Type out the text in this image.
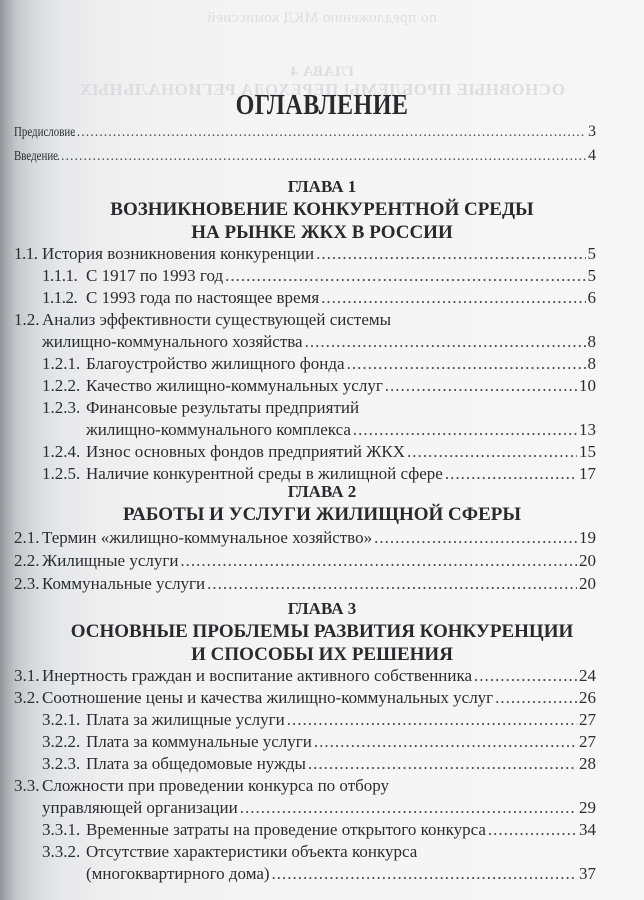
по предложению МКД комиссией
ГЛАВА 4
ОСНОВНЫЕ ПРОБЛЕМЫ ПЕРЕХОДА РЕГИОНАЛЬНЫХ
ОГЛАВЛЕНИЕ
Предисловие .....	3
Введение .....	4
ГЛАВА 1
ВОЗНИКНОВЕНИЕ КОНКУРЕНТНОЙ СРЕДЫ
НА РЫНКЕ ЖКХ В РОССИИ
1.1. История возникновения конкуренции .....	5
1.1.1. С 1917 по 1993 год .....	5
1.1.2. С 1993 года по настоящее время .....	6
1.2. Анализ эффективности существующей системы
жилищно-коммунального хозяйства .....	8
1.2.1. Благоустройство жилищного фонда .....	8
1.2.2. Качество жилищно-коммунальных услуг .....	10
1.2.3. Финансовые результаты предприятий
жилищно-коммунального комплекса .....	13
1.2.4. Износ основных фондов предприятий ЖКХ .....	15
1.2.5. Наличие конкурентной среды в жилищной сфере .....	17
ГЛАВА 2
РАБОТЫ И УСЛУГИ ЖИЛИЩНОЙ СФЕРЫ
2.1. Термин «жилищно-коммунальное хозяйство» .....	19
2.2. Жилищные услуги .....	20
2.3. Коммунальные услуги .....	20
ГЛАВА 3
ОСНОВНЫЕ ПРОБЛЕМЫ РАЗВИТИЯ КОНКУРЕНЦИИ
И СПОСОБЫ ИХ РЕШЕНИЯ
3.1. Инертность граждан и воспитание активного собственника .....	24
3.2. Соотношение цены и качества жилищно-коммунальных услуг .....	26
3.2.1. Плата за жилищные услуги .....	27
3.2.2. Плата за коммунальные услуги .....	27
3.2.3. Плата за общедомовые нужды .....	28
3.3. Сложности при проведении конкурса по отбору
управляющей организации .....	29
3.3.1. Временные затраты на проведение открытого конкурса .....	34
3.3.2. Отсутствие характеристики объекта конкурса
(многоквартирного дома) .....	37
